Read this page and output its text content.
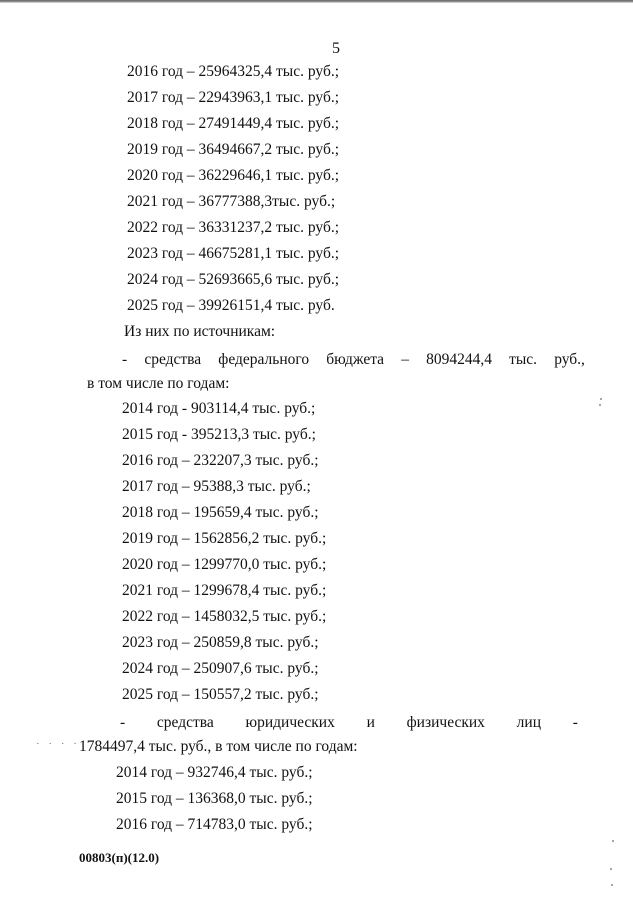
5
2016 год – 25964325,4 тыс. руб.;
2017 год – 22943963,1 тыс. руб.;
2018 год – 27491449,4 тыс. руб.;
2019 год – 36494667,2 тыс. руб.;
2020 год – 36229646,1 тыс. руб.;
2021 год – 36777388,3тыс. руб.;
2022 год – 36331237,2 тыс. руб.;
2023 год – 46675281,1 тыс. руб.;
2024 год – 52693665,6 тыс. руб.;
2025 год – 39926151,4 тыс. руб.
Из них по источникам:
- средства федерального бюджета – 8094244,4 тыс. руб.,
в том числе по годам:
2014 год - 903114,4 тыс. руб.;
2015 год - 395213,3 тыс. руб.;
2016 год – 232207,3 тыс. руб.;
2017 год – 95388,3 тыс. руб.;
2018 год – 195659,4 тыс. руб.;
2019 год – 1562856,2 тыс. руб.;
2020 год – 1299770,0 тыс. руб.;
2021 год – 1299678,4 тыс. руб.;
2022 год – 1458032,5 тыс. руб.;
2023 год – 250859,8 тыс. руб.;
2024 год – 250907,6 тыс. руб.;
2025 год – 150557,2 тыс. руб.;
- средства юридических и физических лиц -
· · · · 1784497,4 тыс. руб., в том числе по годам:
2014 год – 932746,4 тыс. руб.;
2015 год – 136368,0 тыс. руб.;
2016 год – 714783,0 тыс. руб.;
00803(п)(12.0)
